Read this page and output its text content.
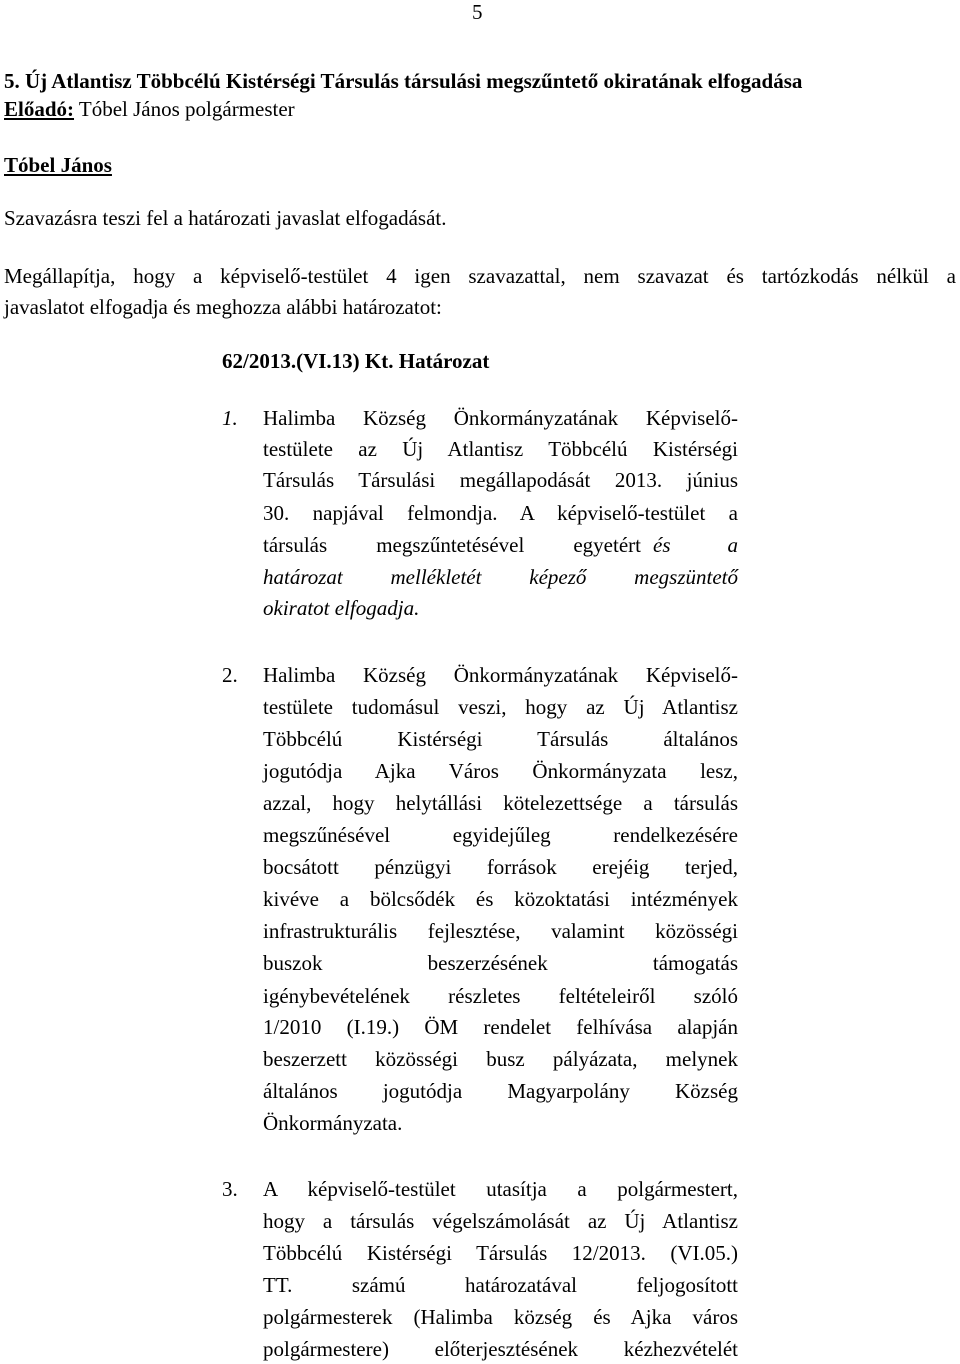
5
5. Új Atlantisz Többcélú Kistérségi Társulás társulási megszűntető okiratának elfogadása
Előadó: Tóbel János polgármester
Tóbel János
Szavazásra teszi fel a határozati javaslat elfogadását.
Megállapítja, hogy a képviselő-testület 4 igen szavazattal, nem szavazat és tartózkodás nélkül a
javaslatot elfogadja és meghozza alábbi határozatot:
62/2013.(VI.13) Kt. Határozat
1. Halimba Község Önkormányzatának Képviselő-
testülete az Új Atlantisz Többcélú Kistérségi
Társulás Társulási megállapodását 2013. június
30. napjával felmondja. A képviselő-testület a
társulás megszűntetésével egyetért és a
határozat mellékletét képező megszüntető
okiratot elfogadja.
2. Halimba Község Önkormányzatának Képviselő-
testülete tudomásul veszi, hogy az Új Atlantisz
Többcélú Kistérségi Társulás általános
jogutódja Ajka Város Önkormányzata lesz,
azzal, hogy helytállási kötelezettsége a társulás
megszűnésével egyidejűleg rendelkezésére
bocsátott pénzügyi források erejéig terjed,
kivéve a bölcsődék és közoktatási intézmények
infrastrukturális fejlesztése, valamint közösségi
buszok beszerzésének támogatás
igénybevételének részletes feltételeiről szóló
1/2010 (I.19.) ÖM rendelet felhívása alapján
beszerzett közösségi busz pályázata, melynek
általános jogutódja Magyarpolány Község
Önkormányzata.
3. A képviselő-testület utasítja a polgármestert,
hogy a társulás végelszámolását az Új Atlantisz
Többcélú Kistérségi Társulás 12/2013. (VI.05.)
TT. számú határozatával feljogosított
polgármesterek (Halimba község és Ajka város
polgármestere) előterjesztésének kézhezvételét
